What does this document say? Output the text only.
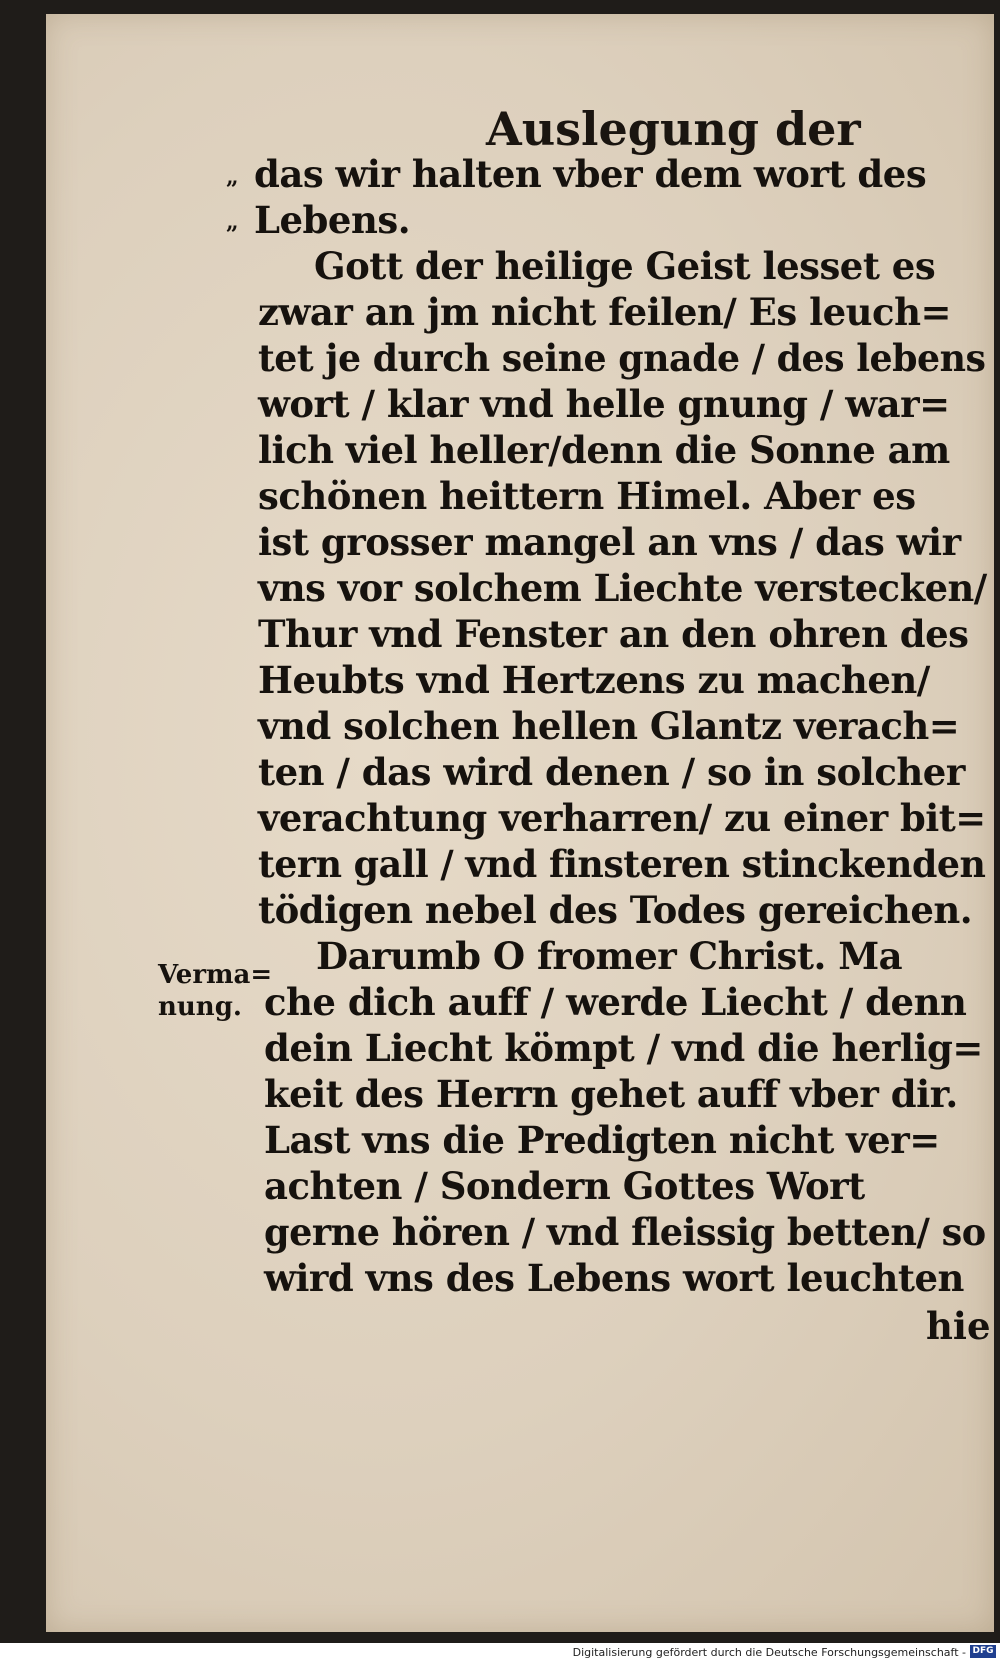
Auslegung der
„
„
das wir halten vber dem wort des
Lebens.
Gott der heilige Geist lesset es
zwar an jm nicht feilen/ Es leuch=
tet je durch seine gnade / des lebens
wort / klar vnd helle gnung / war=
lich viel heller/denn die Sonne am
schönen heittern Himel. Aber es
ist grosser mangel an vns / das wir
vns vor solchem Liechte verstecken/
Thur vnd Fenster an den ohren des
Heubts vnd Hertzens zu machen/
vnd solchen hellen Glantz verach=
ten / das wird denen / so in solcher
verachtung verharren/ zu einer bit=
tern gall / vnd finsteren stinckenden
tödigen nebel des Todes gereichen.
Darumb O fromer Christ. Ma
che dich auff / werde Liecht / denn
dein Liecht kömpt / vnd die herlig=
keit des Herrn gehet auff vber dir.
Last vns die Predigten nicht ver=
achten / Sondern Gottes Wort
gerne hören / vnd fleissig betten/ so
wird vns des Lebens wort leuchten
Verma=
nung.
hie
Digitalisierung gefördert durch die Deutsche Forschungsgemeinschaft - DFG
